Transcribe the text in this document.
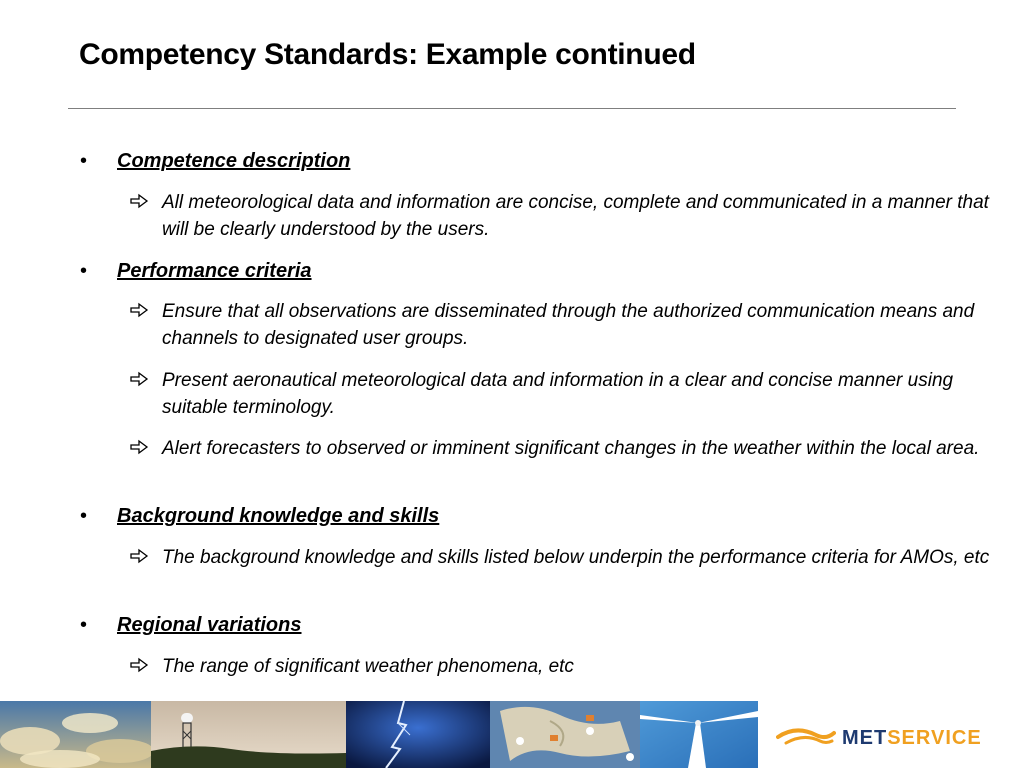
Competency Standards: Example continued
• Competence description
All meteorological data and information are concise, complete and communicated in a manner that will be clearly understood by the users.
• Performance criteria
Ensure that all observations are disseminated through the authorized communication means and channels to designated user groups.
Present aeronautical meteorological data and information in a clear and concise manner using suitable terminology.
Alert forecasters to observed or imminent significant changes in the weather within the local area.
• Background knowledge and skills
The background knowledge and skills listed below underpin the performance criteria for AMOs, etc
• Regional variations
The range of significant weather phenomena, etc
METSERVICE
